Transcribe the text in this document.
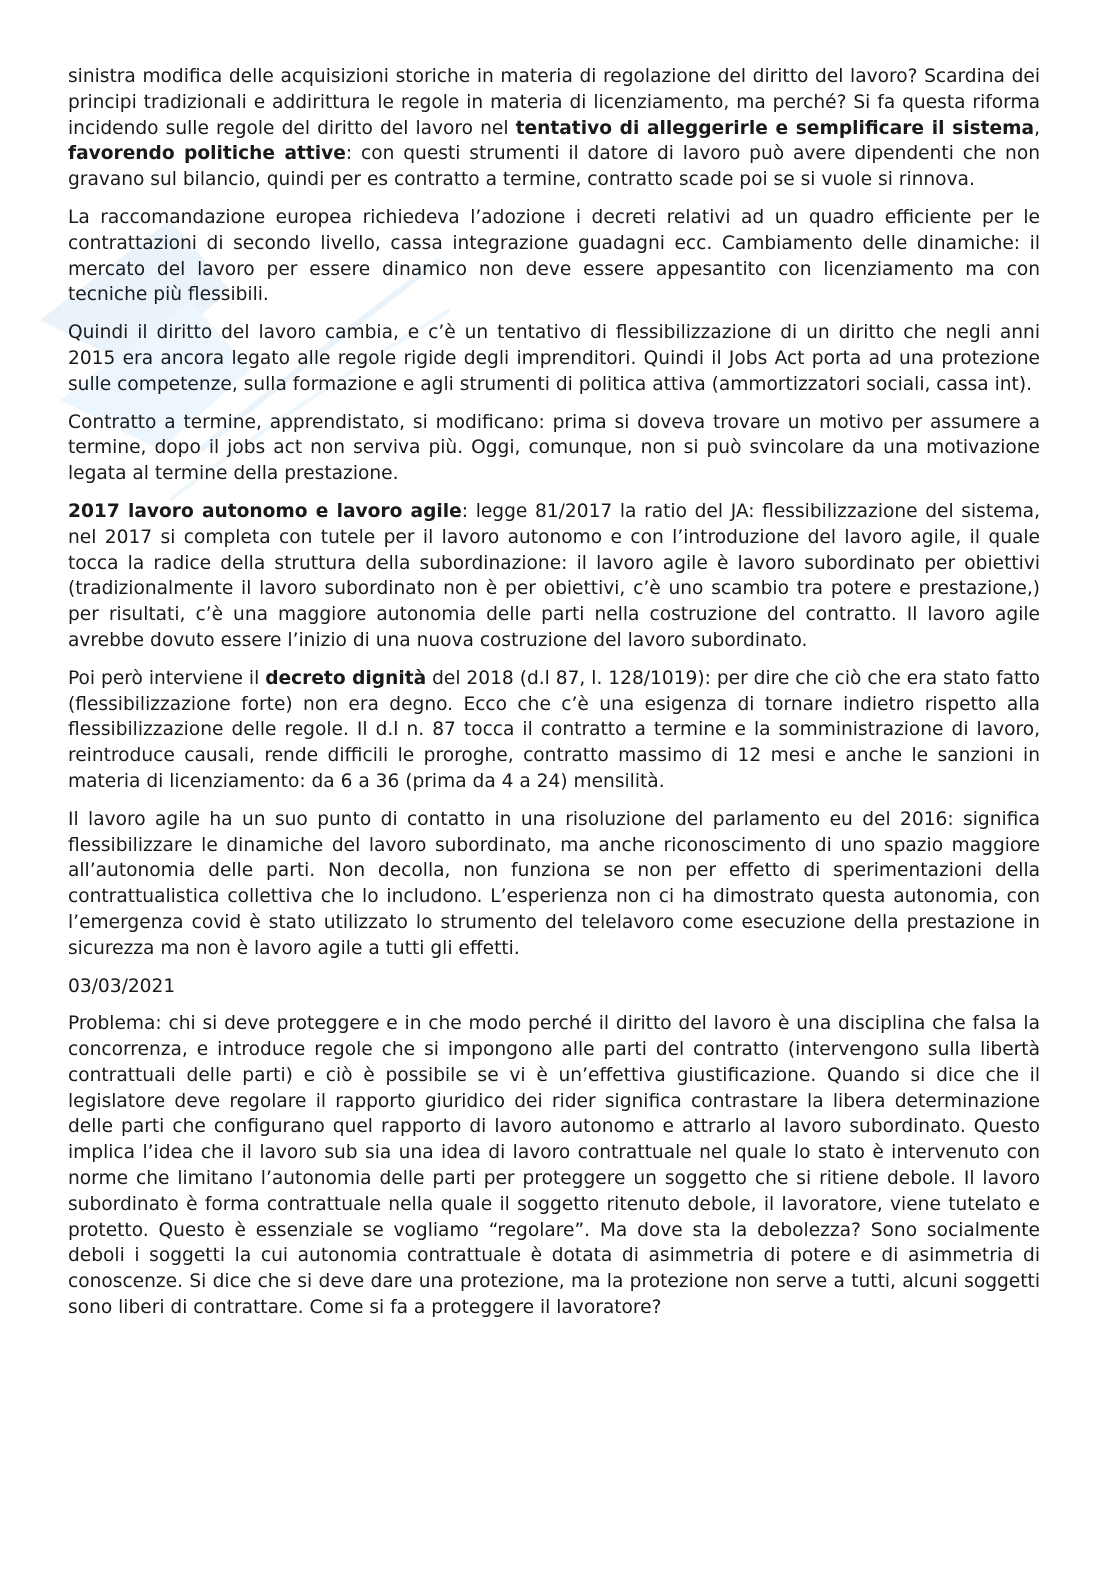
sinistra modifica delle acquisizioni storiche in materia di regolazione del diritto del lavoro? Scardina dei principi tradizionali e addirittura le regole in materia di licenziamento, ma perché? Si fa questa riforma incidendo sulle regole del diritto del lavoro nel tentativo di alleggerirle e semplificare il sistema, favorendo politiche attive: con questi strumenti il datore di lavoro può avere dipendenti che non gravano sul bilancio, quindi per es contratto a termine, contratto scade poi se si vuole si rinnova.

La raccomandazione europea richiedeva l’adozione i decreti relativi ad un quadro efficiente per le contrattazioni di secondo livello, cassa integrazione guadagni ecc. Cambiamento delle dinamiche: il mercato del lavoro per essere dinamico non deve essere appesantito con licenziamento ma con tecniche più flessibili.

Quindi il diritto del lavoro cambia, e c’è un tentativo di flessibilizzazione di un diritto che negli anni 2015 era ancora legato alle regole rigide degli imprenditori. Quindi il Jobs Act porta ad una protezione sulle competenze, sulla formazione e agli strumenti di politica attiva (ammortizzatori sociali, cassa int).

Contratto a termine, apprendistato, si modificano: prima si doveva trovare un motivo per assumere a termine, dopo il jobs act non serviva più. Oggi, comunque, non si può svincolare da una motivazione legata al termine della prestazione.

2017 lavoro autonomo e lavoro agile: legge 81/2017 la ratio del JA: flessibilizzazione del sistema, nel 2017 si completa con tutele per il lavoro autonomo e con l’introduzione del lavoro agile, il quale tocca la radice della struttura della subordinazione: il lavoro agile è lavoro subordinato per obiettivi (tradizionalmente il lavoro subordinato non è per obiettivi, c’è uno scambio tra potere e prestazione,) per risultati, c’è una maggiore autonomia delle parti nella costruzione del contratto. Il lavoro agile avrebbe dovuto essere l’inizio di una nuova costruzione del lavoro subordinato.

Poi però interviene il decreto dignità del 2018 (d.l 87, l. 128/1019): per dire che ciò che era stato fatto (flessibilizzazione forte) non era degno. Ecco che c’è una esigenza di tornare indietro rispetto alla flessibilizzazione delle regole. Il d.l n. 87 tocca il contratto a termine e la somministrazione di lavoro, reintroduce causali, rende difficili le proroghe, contratto massimo di 12 mesi e anche le sanzioni in materia di licenziamento: da 6 a 36 (prima da 4 a 24) mensilità.

Il lavoro agile ha un suo punto di contatto in una risoluzione del parlamento eu del 2016: significa flessibilizzare le dinamiche del lavoro subordinato, ma anche riconoscimento di uno spazio maggiore all’autonomia delle parti. Non decolla, non funziona se non per effetto di sperimentazioni della contrattualistica collettiva che lo includono. L’esperienza non ci ha dimostrato questa autonomia, con l’emergenza covid è stato utilizzato lo strumento del telelavoro come esecuzione della prestazione in sicurezza ma non è lavoro agile a tutti gli effetti.

03/03/2021

Problema: chi si deve proteggere e in che modo perché il diritto del lavoro è una disciplina che falsa la concorrenza, e introduce regole che si impongono alle parti del contratto (intervengono sulla libertà contrattuali delle parti) e ciò è possibile se vi è un’effettiva giustificazione. Quando si dice che il legislatore deve regolare il rapporto giuridico dei rider significa contrastare la libera determinazione delle parti che configurano quel rapporto di lavoro autonomo e attrarlo al lavoro subordinato. Questo implica l’idea che il lavoro sub sia una idea di lavoro contrattuale nel quale lo stato è intervenuto con norme che limitano l’autonomia delle parti per proteggere un soggetto che si ritiene debole. Il lavoro subordinato è forma contrattuale nella quale il soggetto ritenuto debole, il lavoratore, viene tutelato e protetto. Questo è essenziale se vogliamo “regolare”. Ma dove sta la debolezza? Sono socialmente deboli i soggetti la cui autonomia contrattuale è dotata di asimmetria di potere e di asimmetria di conoscenze. Si dice che si deve dare una protezione, ma la protezione non serve a tutti, alcuni soggetti sono liberi di contrattare. Come si fa a proteggere il lavoratore?
